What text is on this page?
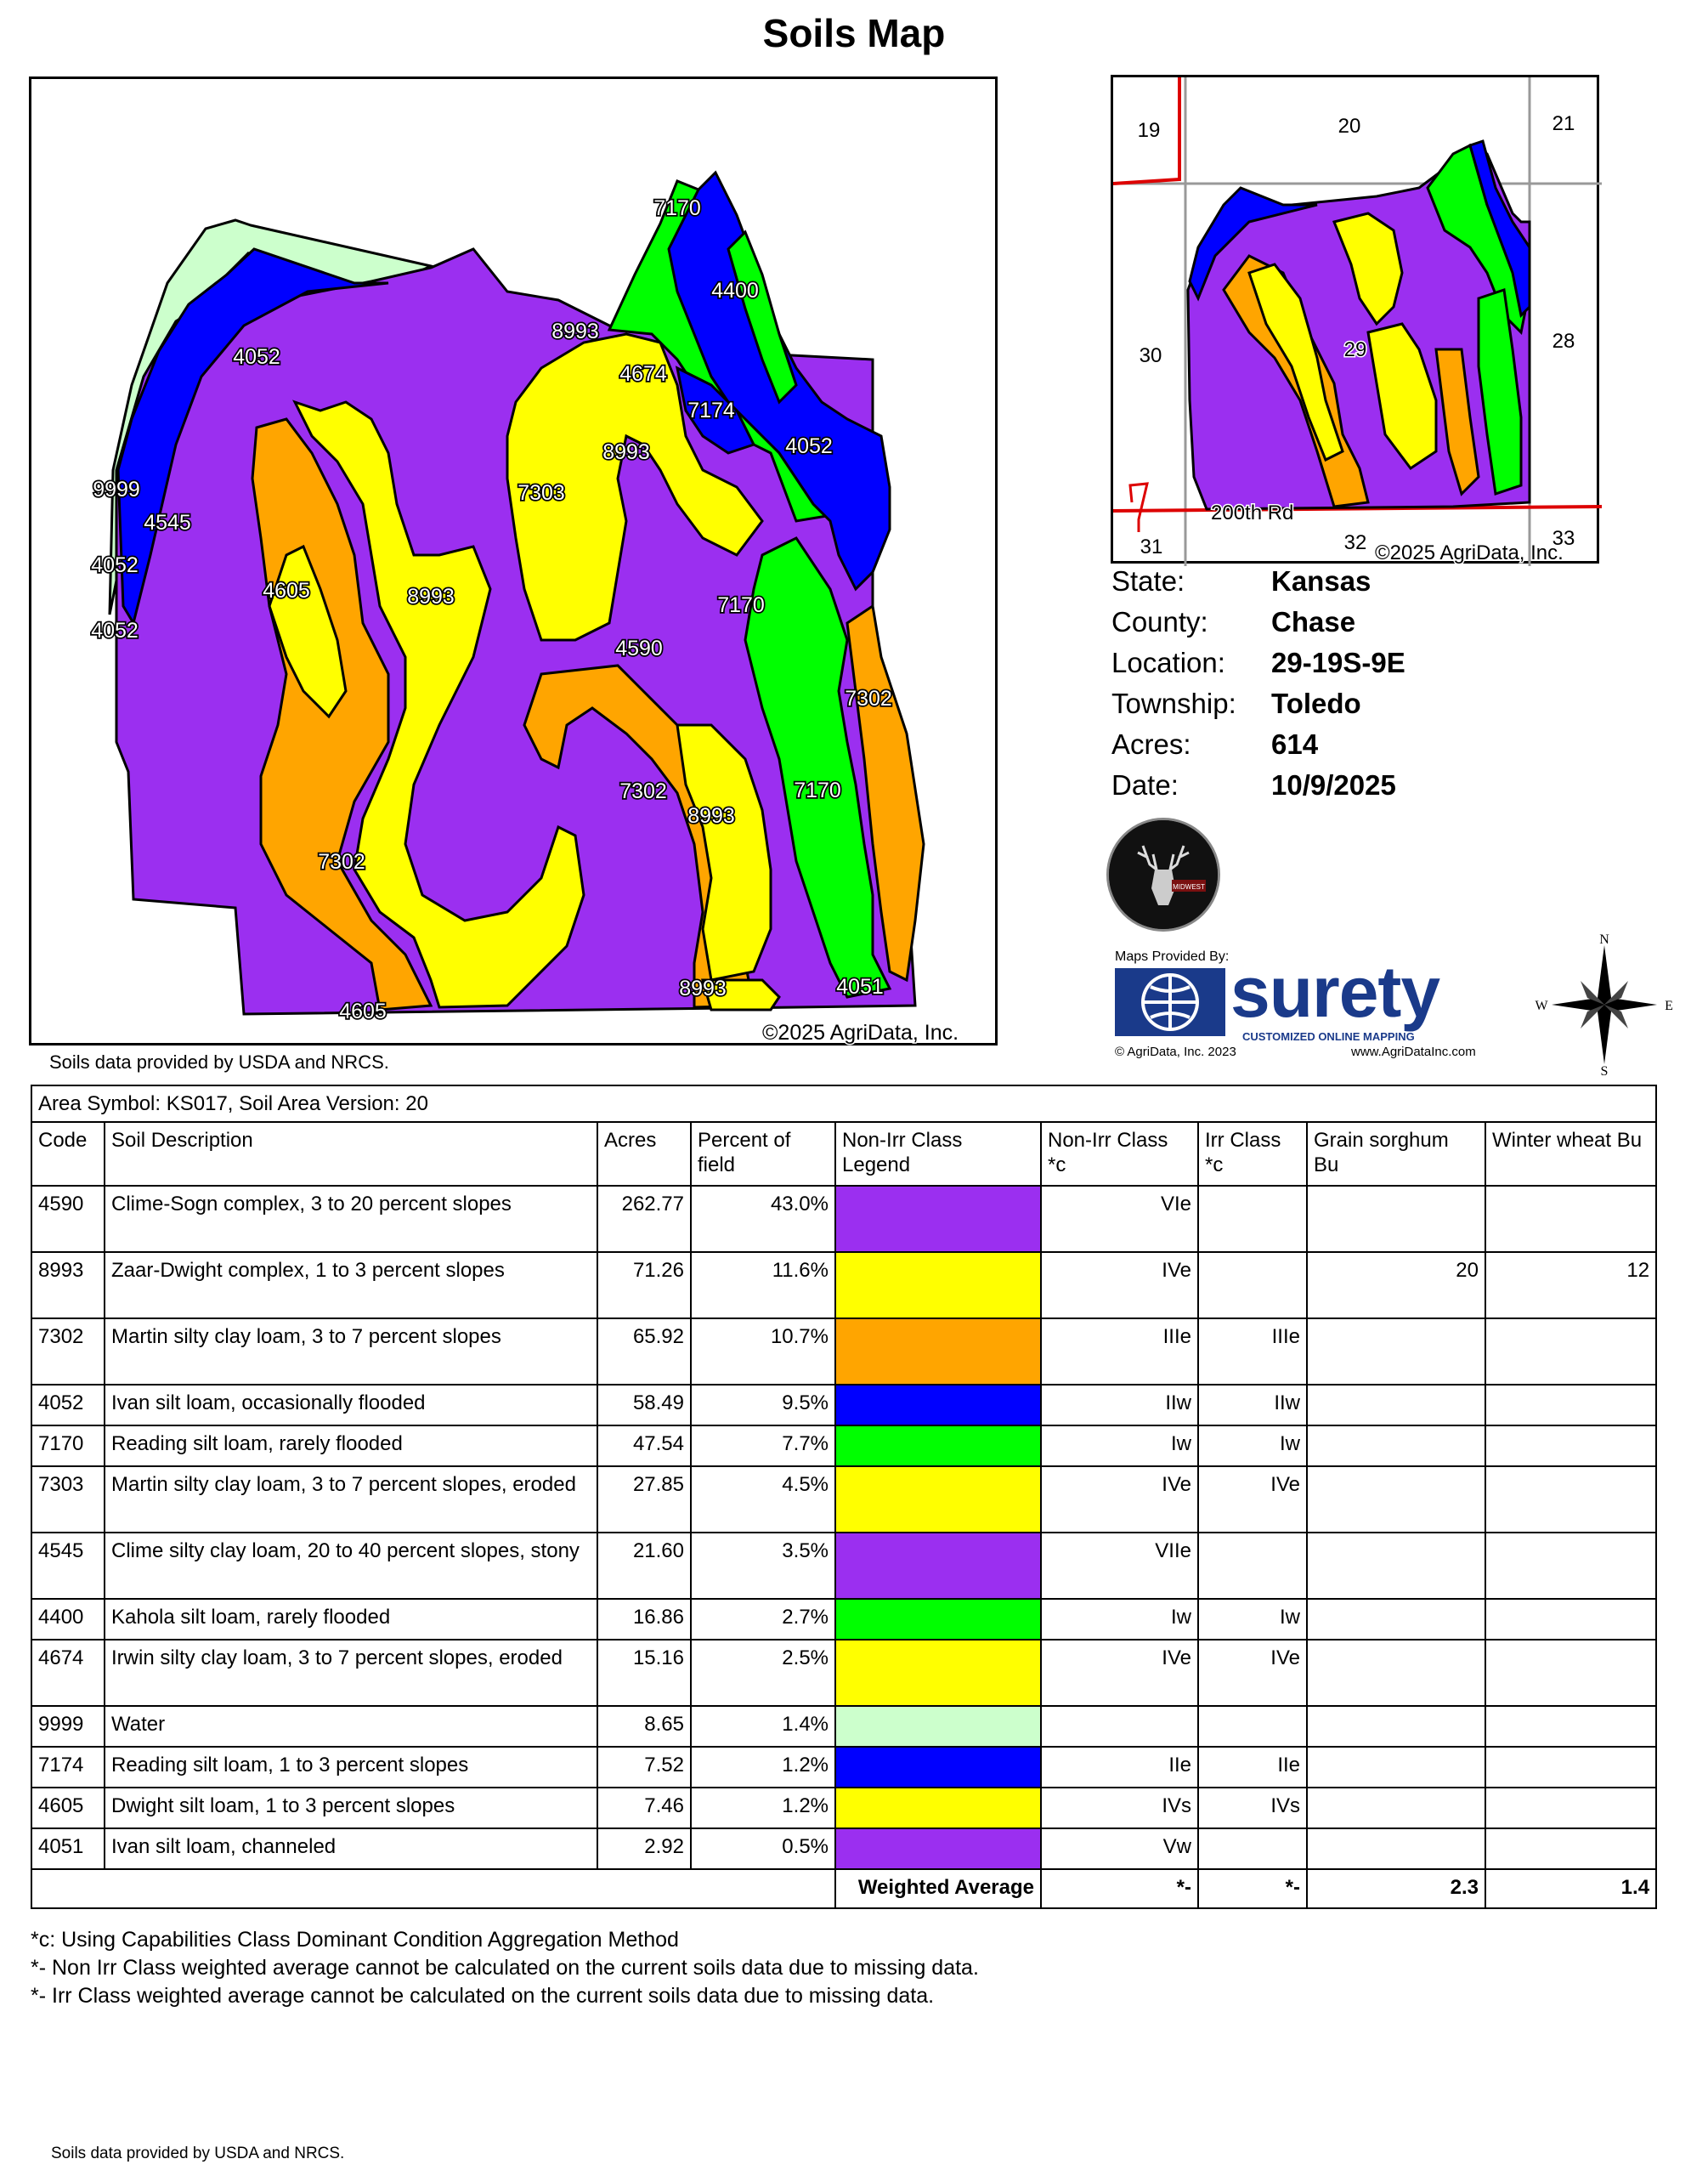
Soils Map
4052
7170
4400
8993
4674
7174
4052
9999
4545
8993
7303
4052
4605	8993
4052
7170
4590
7302
7302
8993
7170
7302
8993	4051
4605
©2025 AgriData, Inc.
Soils data provided by USDA and NRCS.
19	20	21
30	29	28
31	32	33
200th Rd
©2025 AgriData, Inc.
State:	Kansas
County: Chase
Location: 29-19S-9E
Township: Toledo
Acres:	614
Date:	10/9/2025
MIDWEST
Maps Provided By: surety
CUSTOMIZED ONLINE MAPPING
© AgriData, Inc. 2023	www.AgriDataInc.com
N
E
S
W
Area Symbol: KS017, Soil Area Version: 20								
Code	Soil Description	Acres	Percent of field	Non-Irr Class Legend	Non-Irr Class *c	Irr Class *c	Grain sorghum Bu	Winter wheat Bu
4590	Clime-Sogn complex, 3 to 20 percent slopes	262.77	43.0%		VIe			
8993	Zaar-Dwight complex, 1 to 3 percent slopes	71.26	11.6%		IVe		20	12
7302	Martin silty clay loam, 3 to 7 percent slopes	65.92	10.7%		IIIe	IIIe		
4052	Ivan silt loam, occasionally flooded	58.49	9.5%		IIw	IIw		
7170	Reading silt loam, rarely flooded	47.54	7.7%		Iw	Iw		
7303	Martin silty clay loam, 3 to 7 percent slopes, eroded	27.85	4.5%		IVe	IVe		
4545	Clime silty clay loam, 20 to 40 percent slopes, stony	21.60	3.5%		VIIe			
4400	Kahola silt loam, rarely flooded	16.86	2.7%		Iw	Iw		
4674	Irwin silty clay loam, 3 to 7 percent slopes, eroded	15.16	2.5%		IVe	IVe		
9999	Water	8.65	1.4%	

7174	Reading silt loam, 1 to 3 percent slopes	7.52	1.2%		IIe	IIe		
4605	Dwight silt loam, 1 to 3 percent slopes	7.46	1.2%		IVs	IVs		
4051	Ivan silt loam, channeled	2.92	0.5%		Vw			
				Weighted Average	*-	*-	2.3	1.4
*c: Using Capabilities Class Dominant Condition Aggregation Method
*- Non Irr Class weighted average cannot be calculated on the current soils data due to missing data.
*- Irr Class weighted average cannot be calculated on the current soils data due to missing data.
Soils data provided by USDA and NRCS.
